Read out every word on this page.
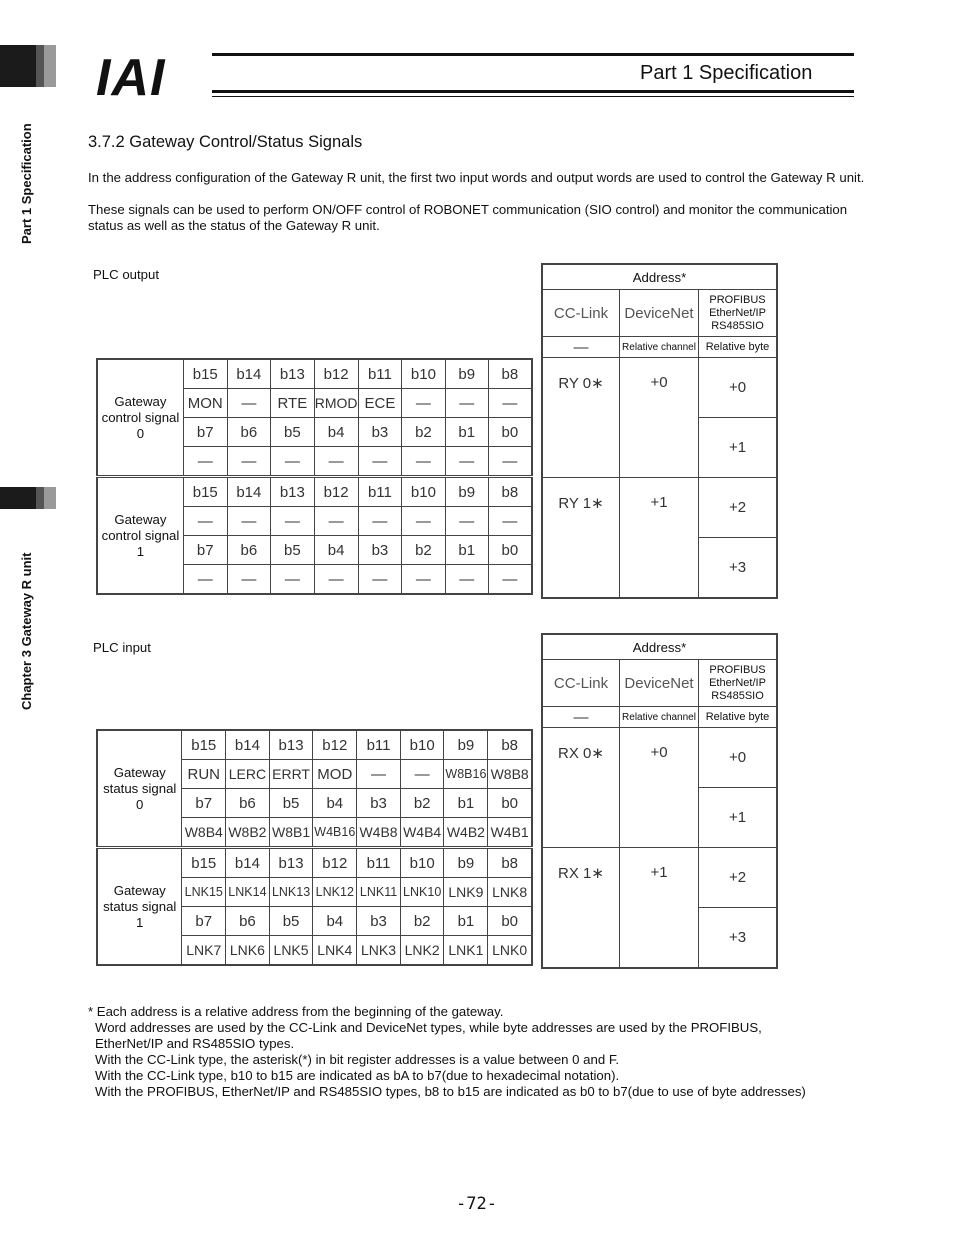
Part 1 Specification
Chapter 3 Gateway R unit
IAI	Part 1 Specification
3.7.2 Gateway Control/Status Signals
In the address configuration of the Gateway R unit, the first two input words and output words are used to control the Gateway R unit.
These signals can be used to perform ON/OFF control of ROBONET communication (SIO control) and monitor the communication status as well as the status of the Gateway R unit.
PLC output
Gateway control signal 0	b15	b14	b13	b12	b11	b10	b9	b8
	MON	—	RTE	RMOD	ECE	—	—	—
	b7	b6	b5	b4	b3	b2	b1	b0
	—	—	—	—	—	—	—	—
Gateway control signal 1	b15	b14	b13	b12	b11	b10	b9	b8
	—	—	—	—	—	—	—	—
	b7	b6	b5	b4	b3	b2	b1	b0
	—	—	—	—	—	—	—	—
Address*		
CC-Link	DeviceNet	PROFIBUS EtherNet/IP RS485SIO
—	Relative channel	Relative byte
RY 0∗	+0	+0
		+1
RY 1∗	+1	+2
		+3
PLC input
Gateway status signal 0	b15	b14	b13	b12	b11	b10	b9	b8
	RUN	LERC	ERRT	MOD	—	—	W8B16	W8B8
	b7	b6	b5	b4	b3	b2	b1	b0
	W8B4	W8B2	W8B1	W4B16	W4B8	W4B4	W4B2	W4B1
Gateway status signal 1	b15	b14	b13	b12	b11	b10	b9	b8
	LNK15	LNK14	LNK13	LNK12	LNK11	LNK10	LNK9	LNK8
	b7	b6	b5	b4	b3	b2	b1	b0
	LNK7	LNK6	LNK5	LNK4	LNK3	LNK2	LNK1	LNK0
Address*		
CC-Link	DeviceNet	PROFIBUS EtherNet/IP RS485SIO
—	Relative channel	Relative byte
RX 0∗	+0	+0
		+1
RX 1∗	+1	+2
		+3
* Each address is a relative address from the beginning of the gateway.
Word addresses are used by the CC-Link and DeviceNet types, while byte addresses are used by the PROFIBUS, EtherNet/IP and RS485SIO types.
With the CC-Link type, the asterisk(*) in bit register addresses is a value between 0 and F.
With the CC-Link type, b10 to b15 are indicated as bA to b7(due to hexadecimal notation).
With the PROFIBUS, EtherNet/IP and RS485SIO types, b8 to b15 are indicated as b0 to b7(due to use of byte addresses)
-72-
